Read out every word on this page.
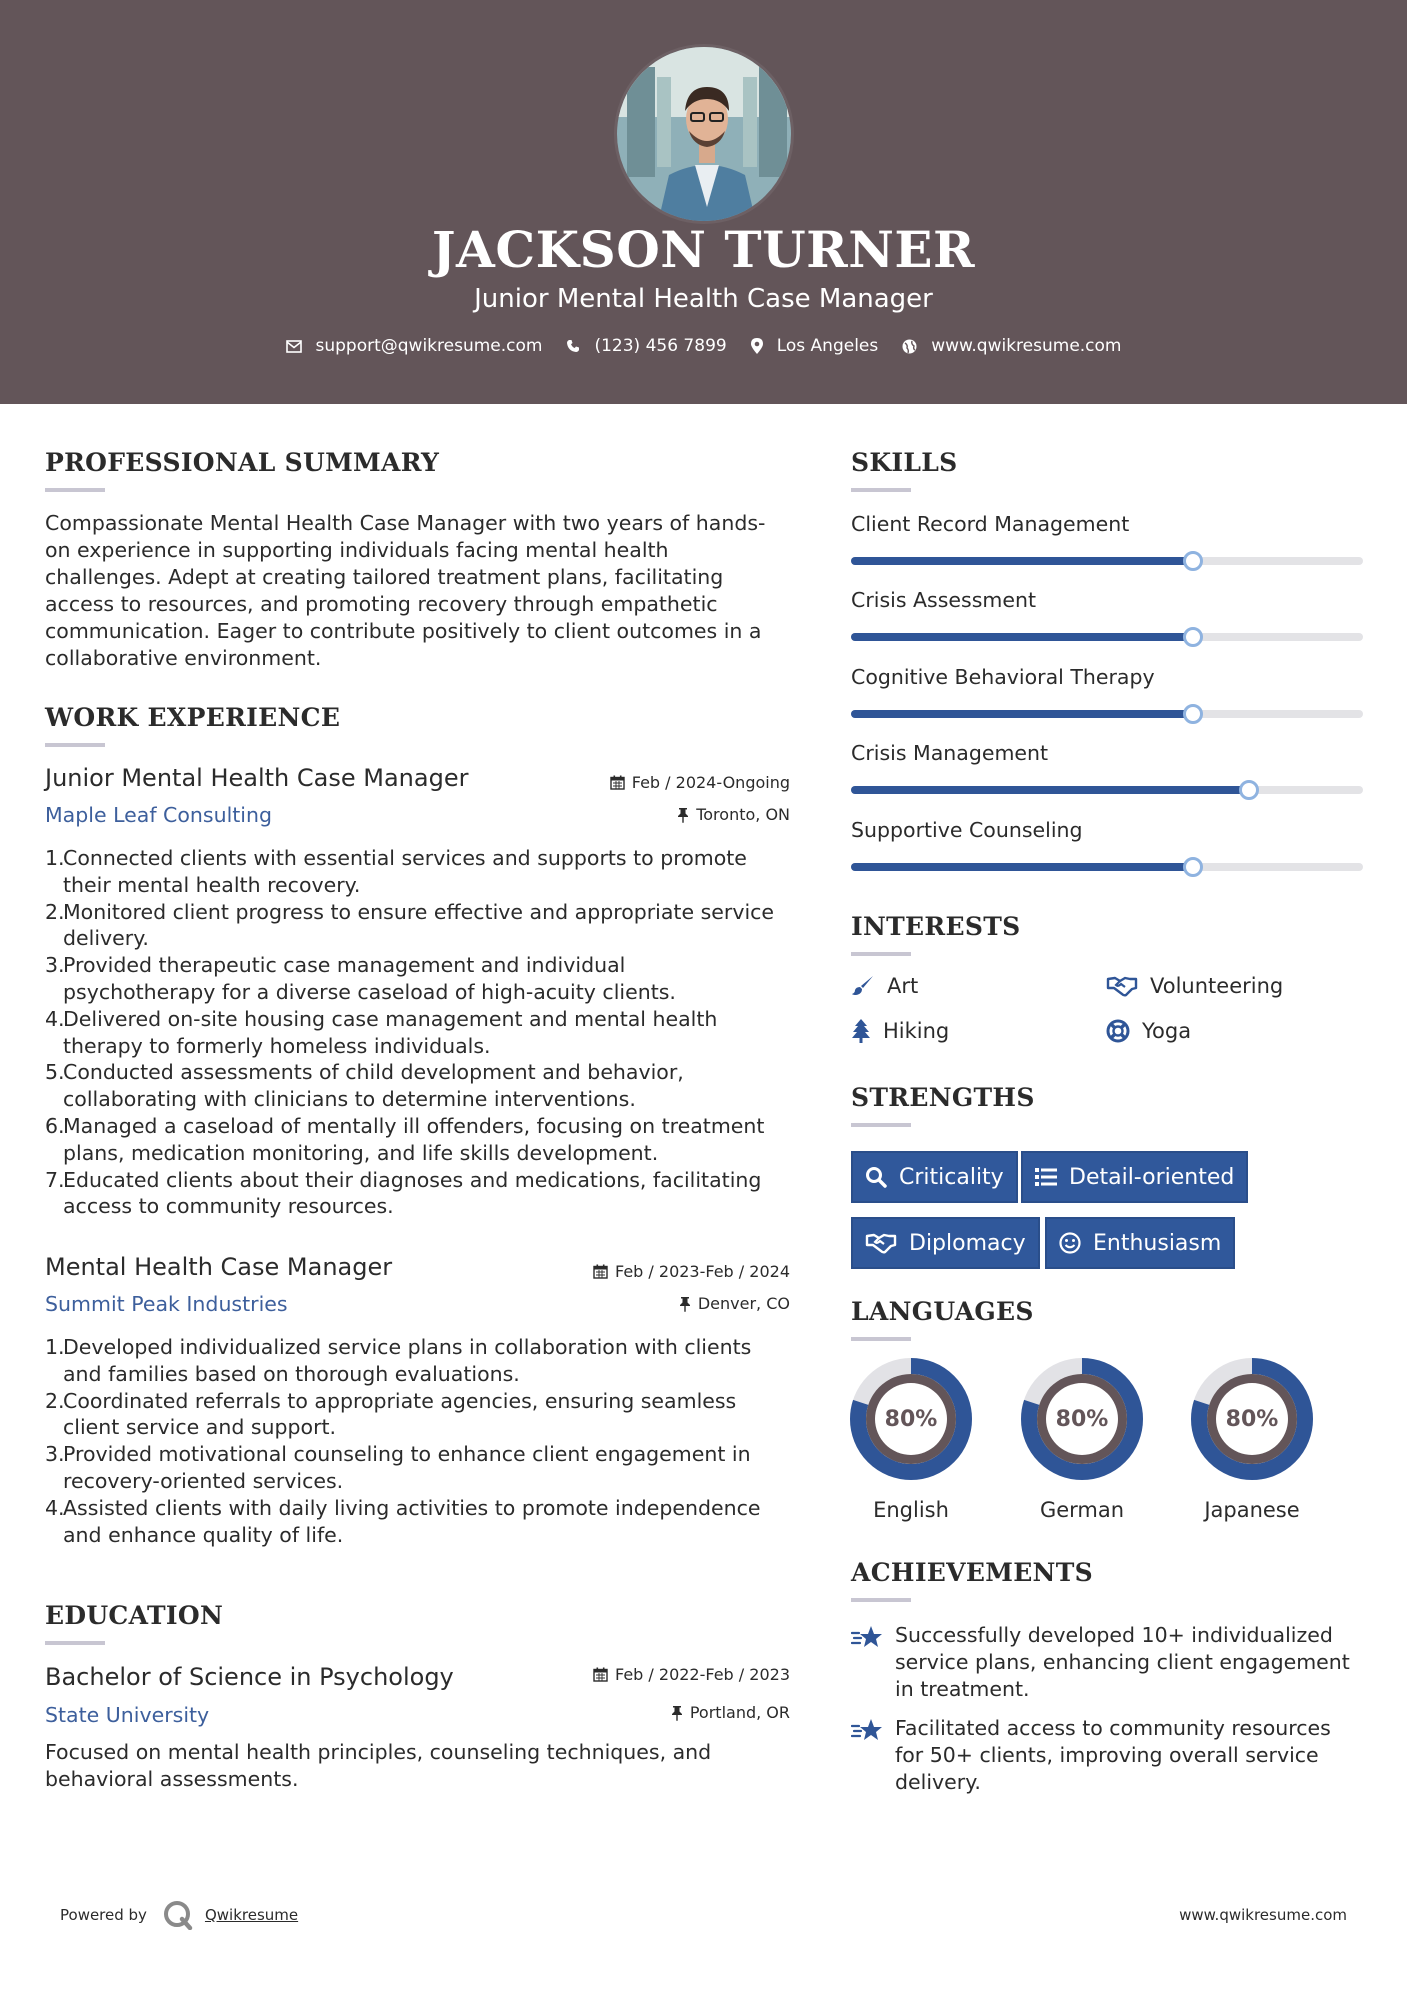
JACKSON TURNER
Junior Mental Health Case Manager
support@qwikresume.com	(123) 456 7899	Los Angeles	www.qwikresume.com
PROFESSIONAL SUMMARY
Compassionate Mental Health Case Manager with two years of hands-
on experience in supporting individuals facing mental health
challenges. Adept at creating tailored treatment plans, facilitating
access to resources, and promoting recovery through empathetic
communication. Eager to contribute positively to client outcomes in a
collaborative environment.
WORK EXPERIENCE
Junior Mental Health Case Manager	Feb / 2024-Ongoing
Maple Leaf Consulting	Toronto, ON
1.
Connected clients with essential services and supports to promote
their mental health recovery.
2.
Monitored client progress to ensure effective and appropriate service
delivery.
3.
Provided therapeutic case management and individual
psychotherapy for a diverse caseload of high-acuity clients.
4.
Delivered on-site housing case management and mental health
therapy to formerly homeless individuals.
5.
Conducted assessments of child development and behavior,
collaborating with clinicians to determine interventions.
6.
Managed a caseload of mentally ill offenders, focusing on treatment
plans, medication monitoring, and life skills development.
7.
Educated clients about their diagnoses and medications, facilitating
access to community resources.
Mental Health Case Manager	Feb / 2023-Feb / 2024
Summit Peak Industries	Denver, CO
1.
Developed individualized service plans in collaboration with clients
and families based on thorough evaluations.
2.
Coordinated referrals to appropriate agencies, ensuring seamless
client service and support.
3.
Provided motivational counseling to enhance client engagement in
recovery-oriented services.
4.
Assisted clients with daily living activities to promote independence
and enhance quality of life.
EDUCATION
Bachelor of Science in Psychology	Feb / 2022-Feb / 2023
State University	Portland, OR
Focused on mental health principles, counseling techniques, and
behavioral assessments.
SKILLS
Client Record Management
Crisis Assessment
Cognitive Behavioral Therapy
Crisis Management
Supportive Counseling
INTERESTS
Art	Volunteering
Hiking	Yoga
STRENGTHS
Criticality	Detail-oriented
Diplomacy	Enthusiasm
LANGUAGES
80%
English
80%
German
80%
Japanese
ACHIEVEMENTS
Successfully developed 10+ individualized
service plans, enhancing client engagement
in treatment.
Facilitated access to community resources
for 50+ clients, improving overall service
delivery.
Powered by	Qwikresume	www.qwikresume.com
